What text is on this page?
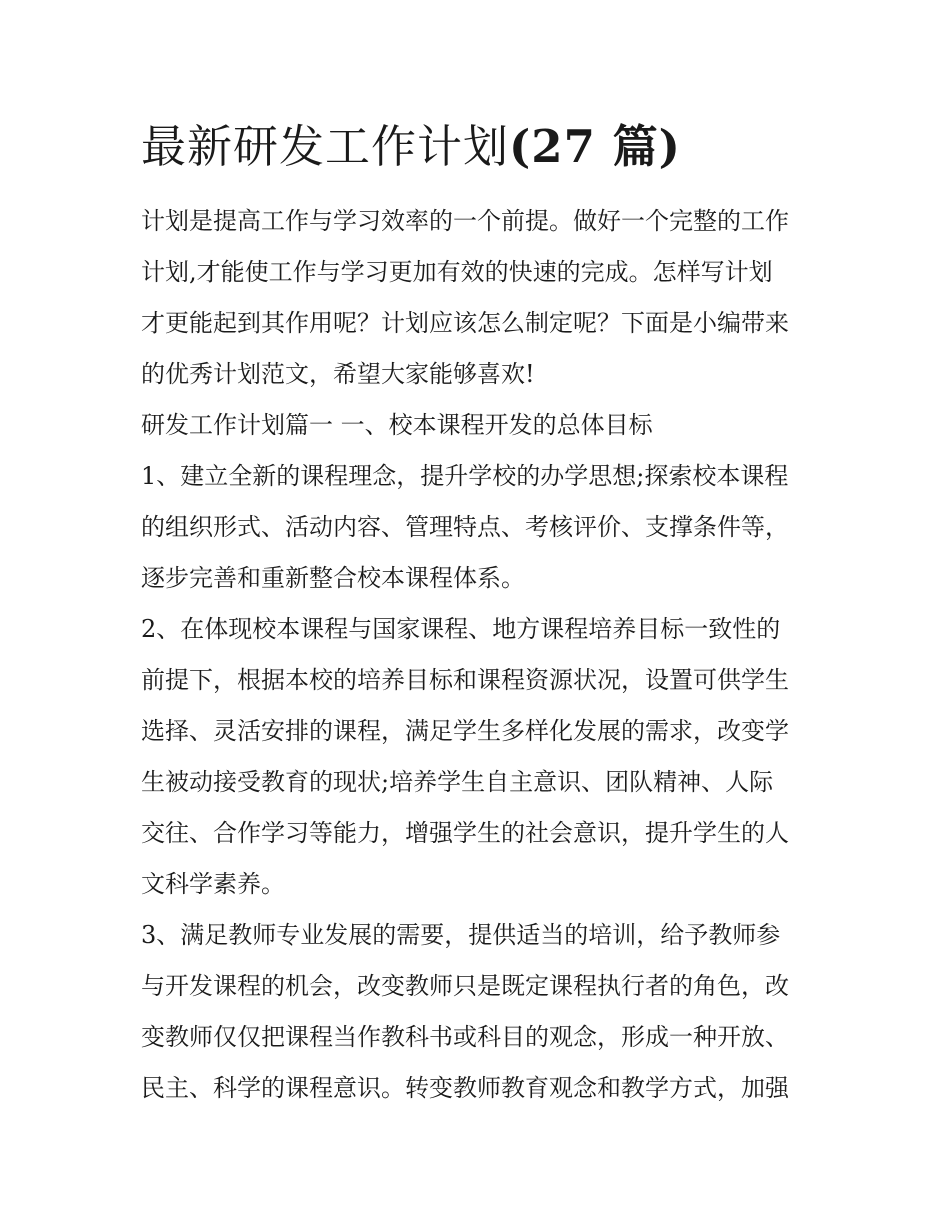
最新研发工作计划(27 篇)

计划是提高工作与学习效率的一个前提。做好一个完整的工作

计划,才能使工作与学习更加有效的快速的完成。怎样写计划

才更能起到其作用呢？计划应该怎么制定呢？下面是小编带来

的优秀计划范文，希望大家能够喜欢!

研发工作计划篇一 一、校本课程开发的总体目标

1、建立全新的课程理念，提升学校的办学思想;探索校本课程

的组织形式、活动内容、管理特点、考核评价、支撑条件等，

逐步完善和重新整合校本课程体系。

2、在体现校本课程与国家课程、地方课程培养目标一致性的

前提下，根据本校的培养目标和课程资源状况，设置可供学生

选择、灵活安排的课程，满足学生多样化发展的需求，改变学

生被动接受教育的现状;培养学生自主意识、团队精神、人际

交往、合作学习等能力，增强学生的社会意识，提升学生的人

文科学素养。

3、满足教师专业发展的需要，提供适当的培训，给予教师参

与开发课程的机会，改变教师只是既定课程执行者的角色，改

变教师仅仅把课程当作教科书或科目的观念，形成一种开放、

民主、科学的课程意识。转变教师教育观念和教学方式，加强
